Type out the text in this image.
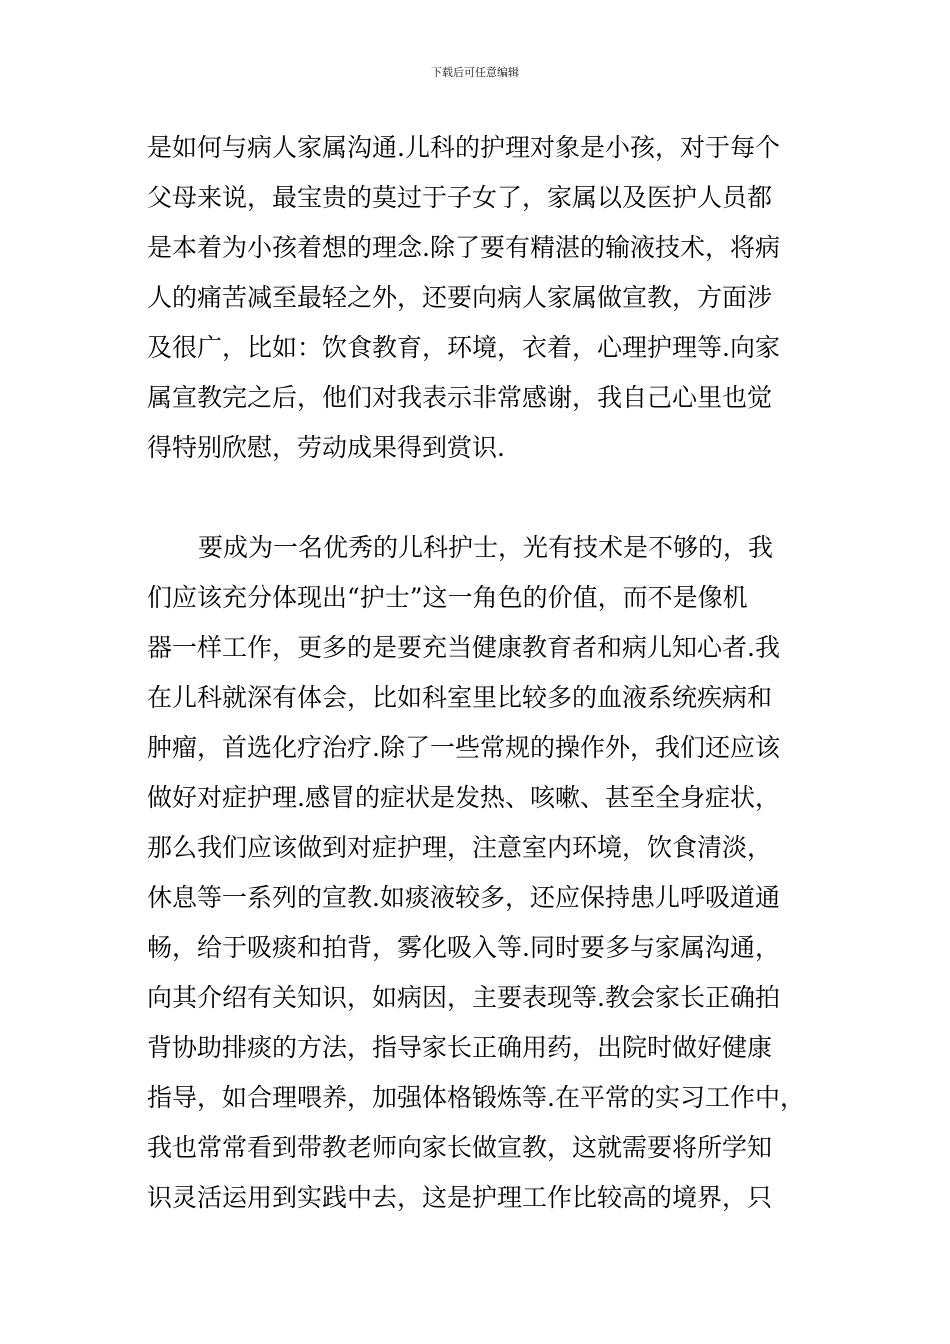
下载后可任意编辑
是如何与病人家属沟通.儿科的护理对象是小孩，对于每个
父母来说，最宝贵的莫过于子女了，家属以及医护人员都
是本着为小孩着想的理念.除了要有精湛的输液技术，将病
人的痛苦减至最轻之外，还要向病人家属做宣教，方面涉
及很广，比如：饮食教育，环境，衣着，心理护理等.向家
属宣教完之后，他们对我表示非常感谢，我自己心里也觉
得特别欣慰，劳动成果得到赏识.
要成为一名优秀的儿科护士，光有技术是不够的，我
们应该充分体现出“护士”这一角色的价值，而不是像机
器一样工作，更多的是要充当健康教育者和病儿知心者.我
在儿科就深有体会，比如科室里比较多的血液系统疾病和
肿瘤，首选化疗治疗.除了一些常规的操作外，我们还应该
做好对症护理.感冒的症状是发热、咳嗽、甚至全身症状，
那么我们应该做到对症护理，注意室内环境，饮食清淡，
休息等一系列的宣教.如痰液较多，还应保持患儿呼吸道通
畅，给于吸痰和拍背，雾化吸入等.同时要多与家属沟通，
向其介绍有关知识，如病因，主要表现等.教会家长正确拍
背协助排痰的方法，指导家长正确用药，出院时做好健康
指导，如合理喂养，加强体格锻炼等.在平常的实习工作中，
我也常常看到带教老师向家长做宣教，这就需要将所学知
识灵活运用到实践中去，这是护理工作比较高的境界，只
